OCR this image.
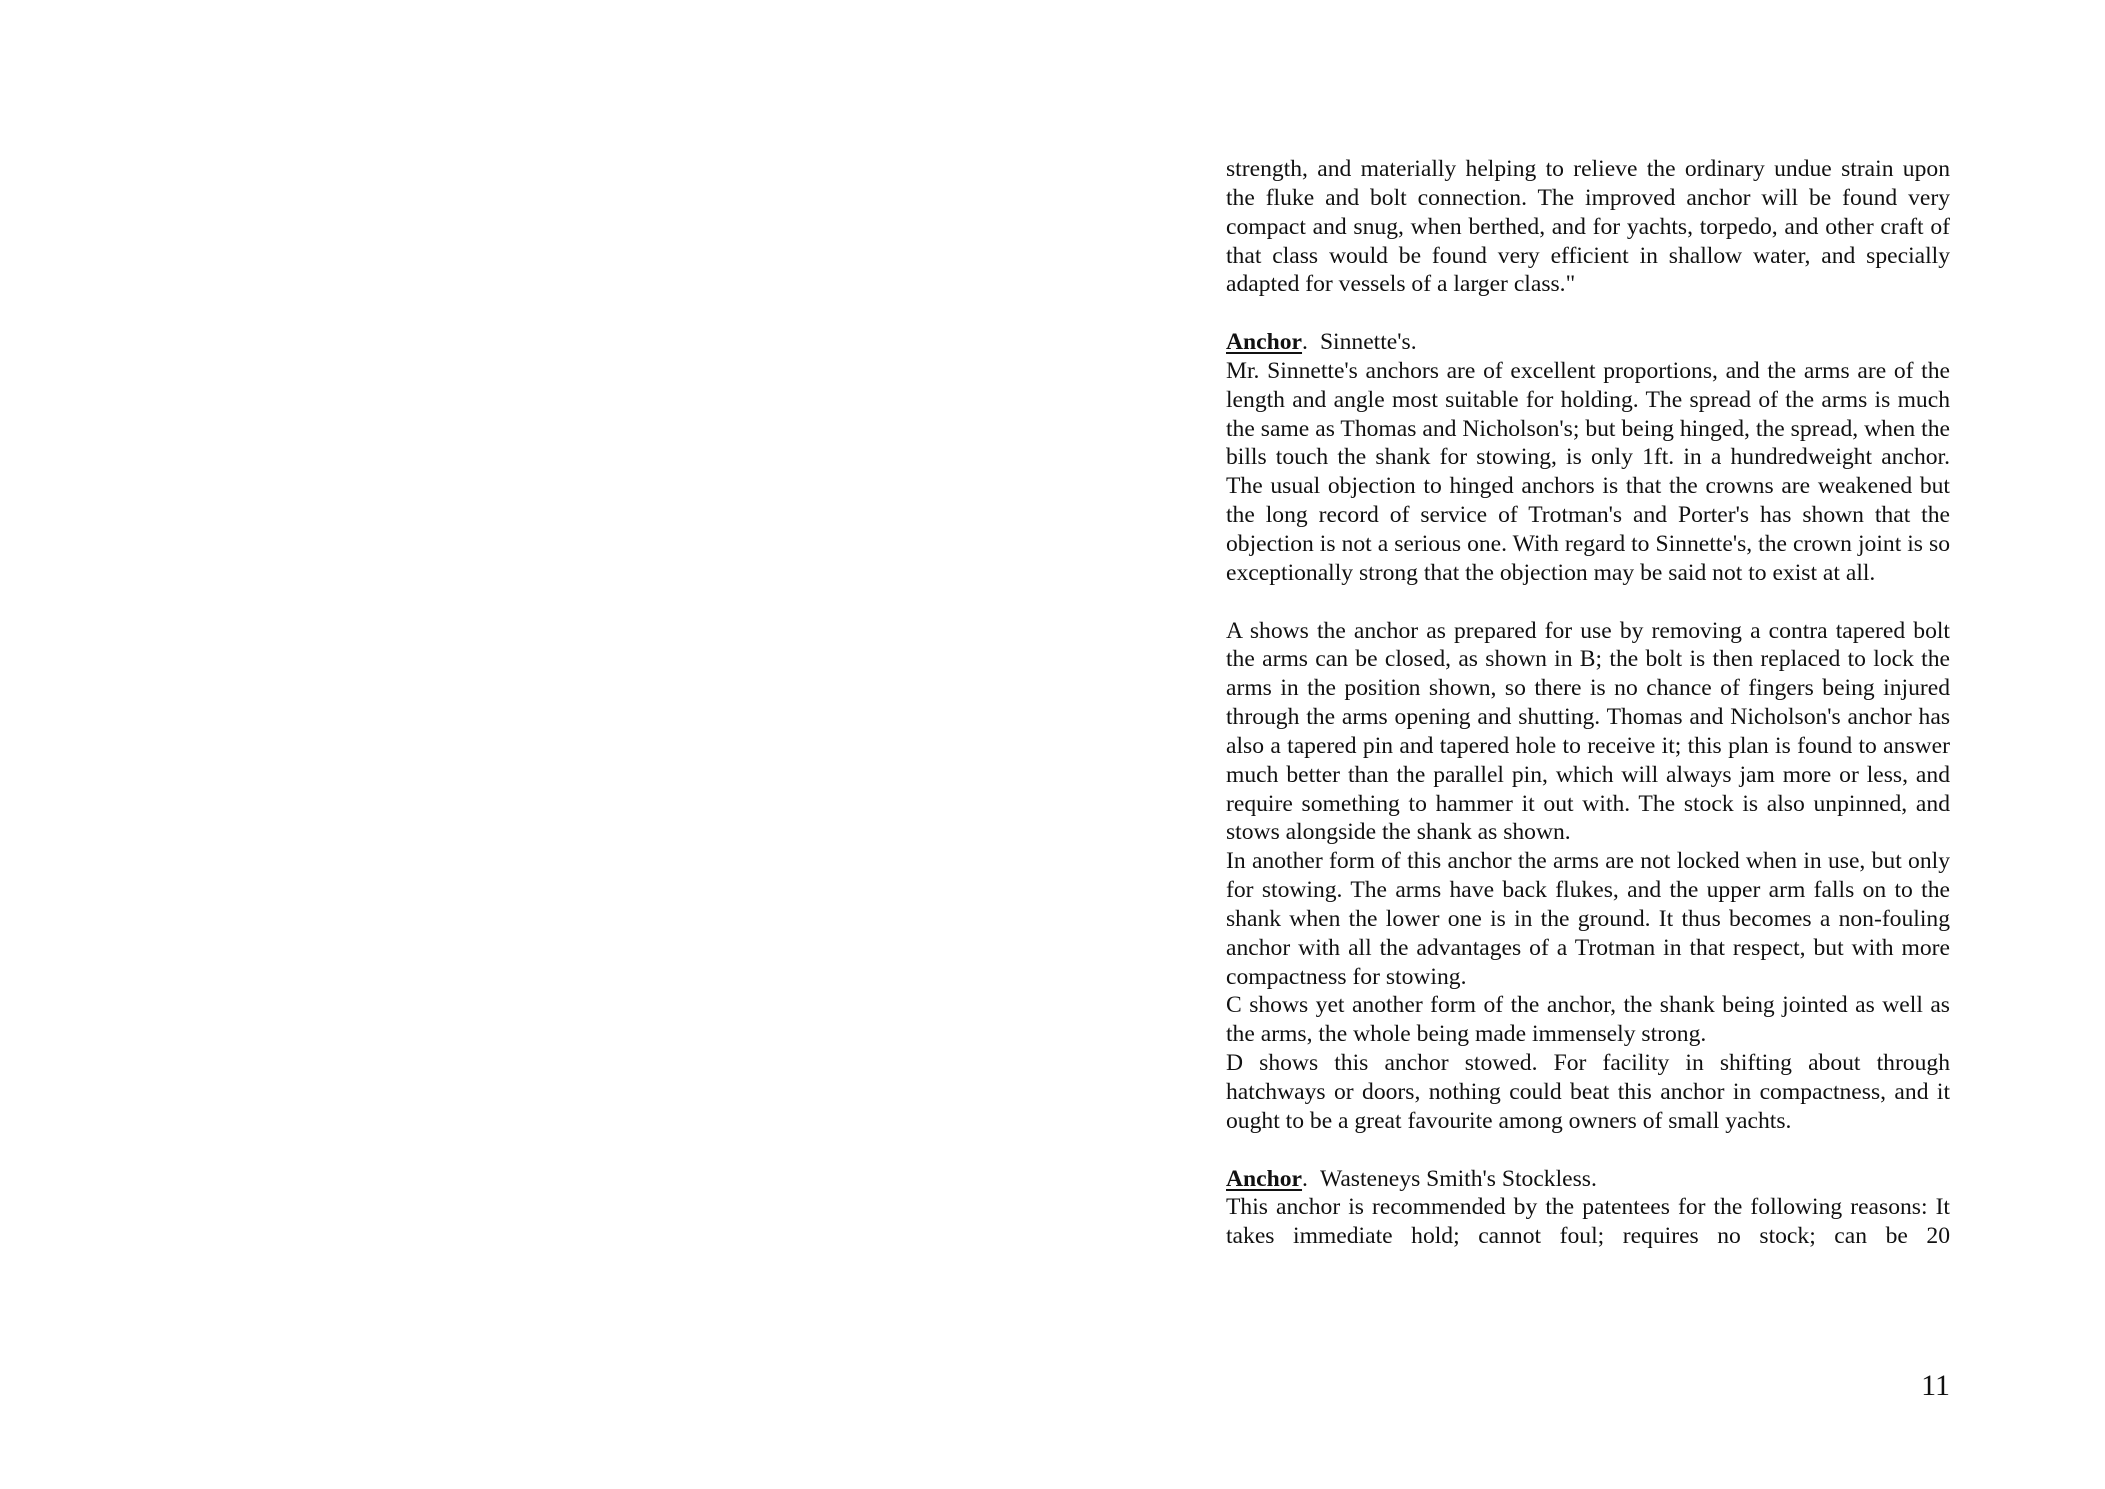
strength, and materially helping to relieve the ordinary undue strain upon the fluke and bolt connection. The improved anchor will be found very compact and snug, when berthed, and for yachts, torpedo, and other craft of that class would be found very efficient in shallow water, and specially adapted for vessels of a larger class."

Anchor. Sinnette's.

Mr. Sinnette's anchors are of excellent proportions, and the arms are of the length and angle most suitable for holding. The spread of the arms is much the same as Thomas and Nicholson's; but being hinged, the spread, when the bills touch the shank for stowing, is only 1ft. in a hundredweight anchor. The usual objection to hinged anchors is that the crowns are weakened but the long record of service of Trotman's and Porter's has shown that the objection is not a serious one. With regard to Sinnette's, the crown joint is so exceptionally strong that the objection may be said not to exist at all.

A shows the anchor as prepared for use by removing a contra tapered bolt the arms can be closed, as shown in B; the bolt is then replaced to lock the arms in the position shown, so there is no chance of fingers being injured through the arms opening and shutting. Thomas and Nicholson's anchor has also a tapered pin and tapered hole to receive it; this plan is found to answer much better than the parallel pin, which will always jam more or less, and require something to hammer it out with. The stock is also unpinned, and stows alongside the shank as shown.

In another form of this anchor the arms are not locked when in use, but only for stowing. The arms have back flukes, and the upper arm falls on to the shank when the lower one is in the ground. It thus becomes a non-fouling anchor with all the advantages of a Trotman in that respect, but with more compactness for stowing.

C shows yet another form of the anchor, the shank being jointed as well as the arms, the whole being made immensely strong.

D shows this anchor stowed. For facility in shifting about through hatchways or doors, nothing could beat this anchor in compactness, and it ought to be a great favourite among owners of small yachts.

Anchor. Wasteneys Smith's Stockless.

This anchor is recommended by the patentees for the following reasons: It takes immediate hold; cannot foul; requires no stock; can be 20

11
